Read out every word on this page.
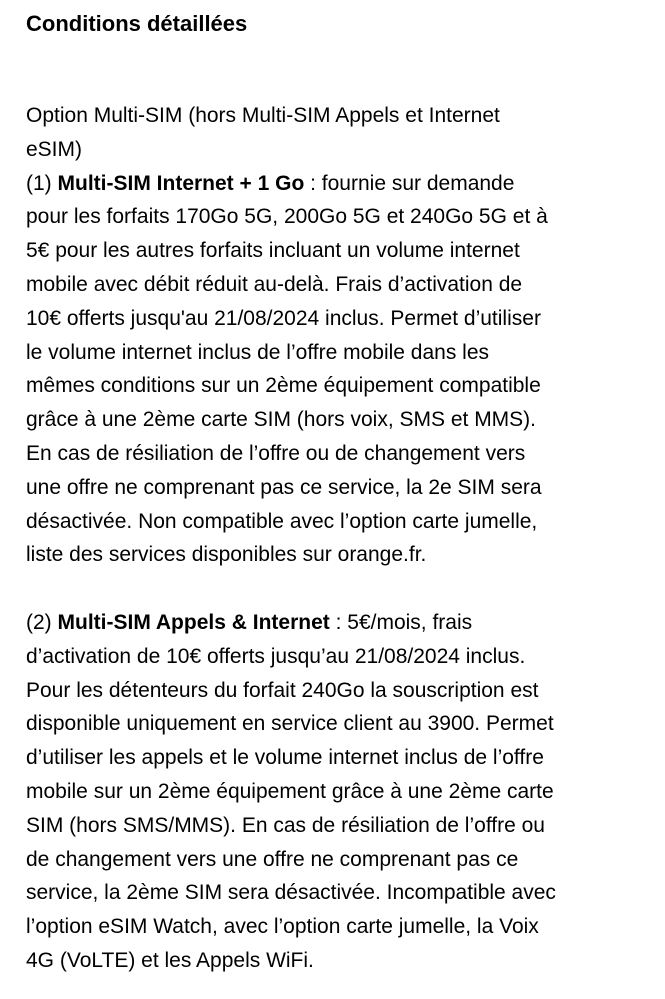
Conditions détaillées
Option Multi-SIM (hors Multi-SIM Appels et Internet
eSIM)
(1) Multi-SIM Internet + 1 Go : fournie sur demande
pour les forfaits 170Go 5G, 200Go 5G et 240Go 5G et à
5€ pour les autres forfaits incluant un volume internet
mobile avec débit réduit au-delà. Frais d’activation de
10€ offerts jusqu'au 21/08/2024 inclus. Permet d’utiliser
le volume internet inclus de l’offre mobile dans les
mêmes conditions sur un 2ème équipement compatible
grâce à une 2ème carte SIM (hors voix, SMS et MMS).
En cas de résiliation de l’offre ou de changement vers
une offre ne comprenant pas ce service, la 2e SIM sera
désactivée. Non compatible avec l’option carte jumelle,
liste des services disponibles sur orange.fr.
(2) Multi-SIM Appels & Internet : 5€/mois, frais
d’activation de 10€ offerts jusqu’au 21/08/2024 inclus.
Pour les détenteurs du forfait 240Go la souscription est
disponible uniquement en service client au 3900. Permet
d’utiliser les appels et le volume internet inclus de l’offre
mobile sur un 2ème équipement grâce à une 2ème carte
SIM (hors SMS/MMS). En cas de résiliation de l’offre ou
de changement vers une offre ne comprenant pas ce
service, la 2ème SIM sera désactivée. Incompatible avec
l’option eSIM Watch, avec l’option carte jumelle, la Voix
4G (VoLTE) et les Appels WiFi.
